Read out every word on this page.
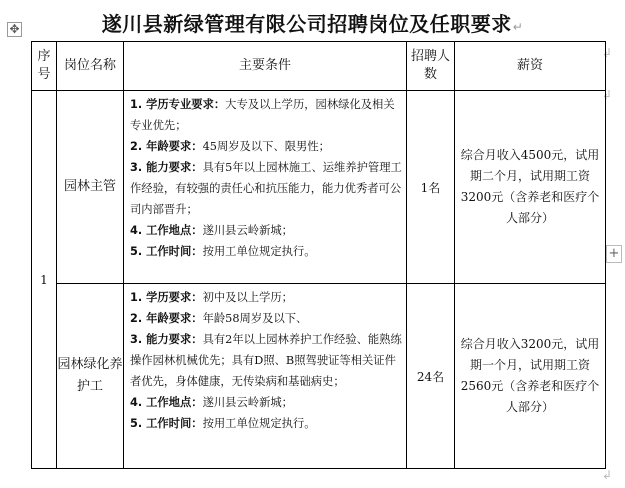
遂川县新绿管理有限公司招聘岗位及任职要求↵
✥
+
↲
↲
↲
序号	岗位名称	主要条件	招聘人数	薪资
1	园林主管	1. 学历专业要求：大专及以上学历，园林绿化及相关专业优先；
2. 年龄要求：45周岁及以下、限男性；
3. 能力要求：具有5年以上园林施工、运维养护管理工作经验，有较强的责任心和抗压能力，能力优秀者可公司内部晋升；
4. 工作地点：遂川县云岭新城；
5. 工作时间：按用工单位规定执行。	1名	综合月收入4500元，试用期二个月，试用期工资3200元（含养老和医疗个人部分）
	园林绿化养护工	1. 学历要求：初中及以上学历；
2. 年龄要求：年龄58周岁及以下、
3. 能力要求：具有2年以上园林养护工作经验、能熟练操作园林机械优先；具有D照、B照驾驶证等相关证件者优先，身体健康，无传染病和基础病史；
4. 工作地点：遂川县云岭新城；
5. 工作时间：按用工单位规定执行。	24名	综合月收入3200元，试用期一个月，试用期工资2560元（含养老和医疗个人部分）
